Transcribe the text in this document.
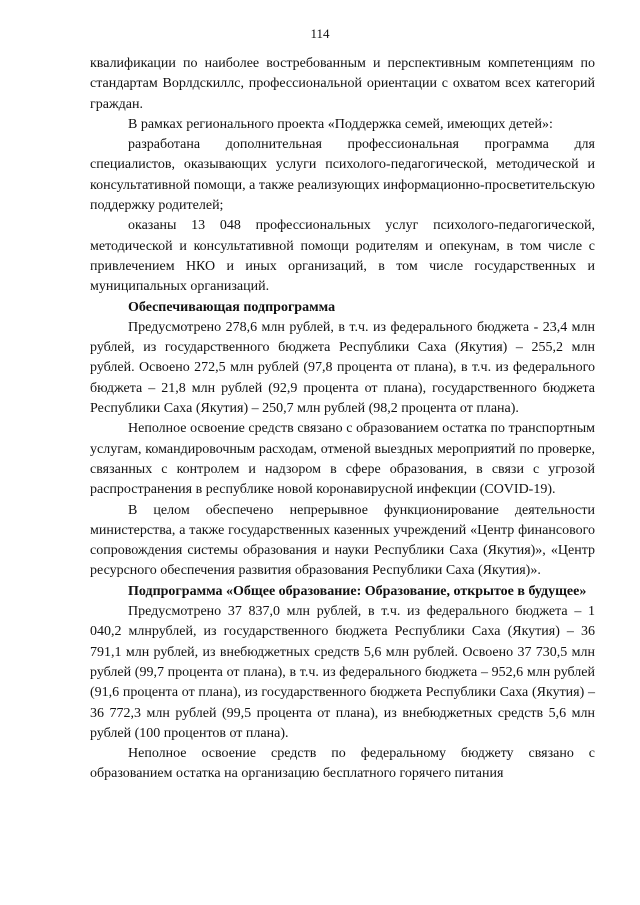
114

квалификации по наиболее востребованным и перспективным компетенциям по стандартам Ворлдскиллс, профессиональной ориентации с охватом всех категорий граждан.

В рамках регионального проекта «Поддержка семей, имеющих детей»:

разработана дополнительная профессиональная программа для специалистов, оказывающих услуги психолого-педагогической, методической и консультативной помощи, а также реализующих информационно-просветительскую поддержку родителей;

оказаны 13 048 профессиональных услуг психолого-педагогической, методической и консультативной помощи родителям и опекунам, в том числе с привлечением НКО и иных организаций, в том числе государственных и муниципальных организаций.

Обеспечивающая подпрограмма

Предусмотрено 278,6 млн рублей, в т.ч. из федерального бюджета - 23,4 млн рублей, из государственного бюджета Республики Саха (Якутия) – 255,2 млн рублей. Освоено 272,5 млн рублей (97,8 процента от плана), в т.ч. из федерального бюджета – 21,8 млн рублей (92,9 процента от плана), государственного бюджета Республики Саха (Якутия) – 250,7 млн рублей (98,2 процента от плана).

Неполное освоение средств связано с образованием остатка по транспортным услугам, командировочным расходам, отменой выездных мероприятий по проверке, связанных с контролем и надзором в сфере образования, в связи с угрозой распространения в республике новой коронавирусной инфекции (COVID-19).

В целом обеспечено непрерывное функционирование деятельности министерства, а также государственных казенных учреждений «Центр финансового сопровождения системы образования и науки Республики Саха (Якутия)», «Центр ресурсного обеспечения развития образования Республики Саха (Якутия)».

Подпрограмма «Общее образование: Образование, открытое в будущее»

Предусмотрено 37 837,0 млн рублей, в т.ч. из федерального бюджета – 1 040,2 млнрублей, из государственного бюджета Республики Саха (Якутия) – 36 791,1 млн рублей, из внебюджетных средств 5,6 млн рублей. Освоено 37 730,5 млн рублей (99,7 процента от плана), в т.ч. из федерального бюджета – 952,6 млн рублей (91,6 процента от плана), из государственного бюджета Республики Саха (Якутия) – 36 772,3 млн рублей (99,5 процента от плана), из внебюджетных средств 5,6 млн рублей (100 процентов от плана).

Неполное освоение средств по федеральному бюджету связано с образованием остатка на организацию бесплатного горячего питания
